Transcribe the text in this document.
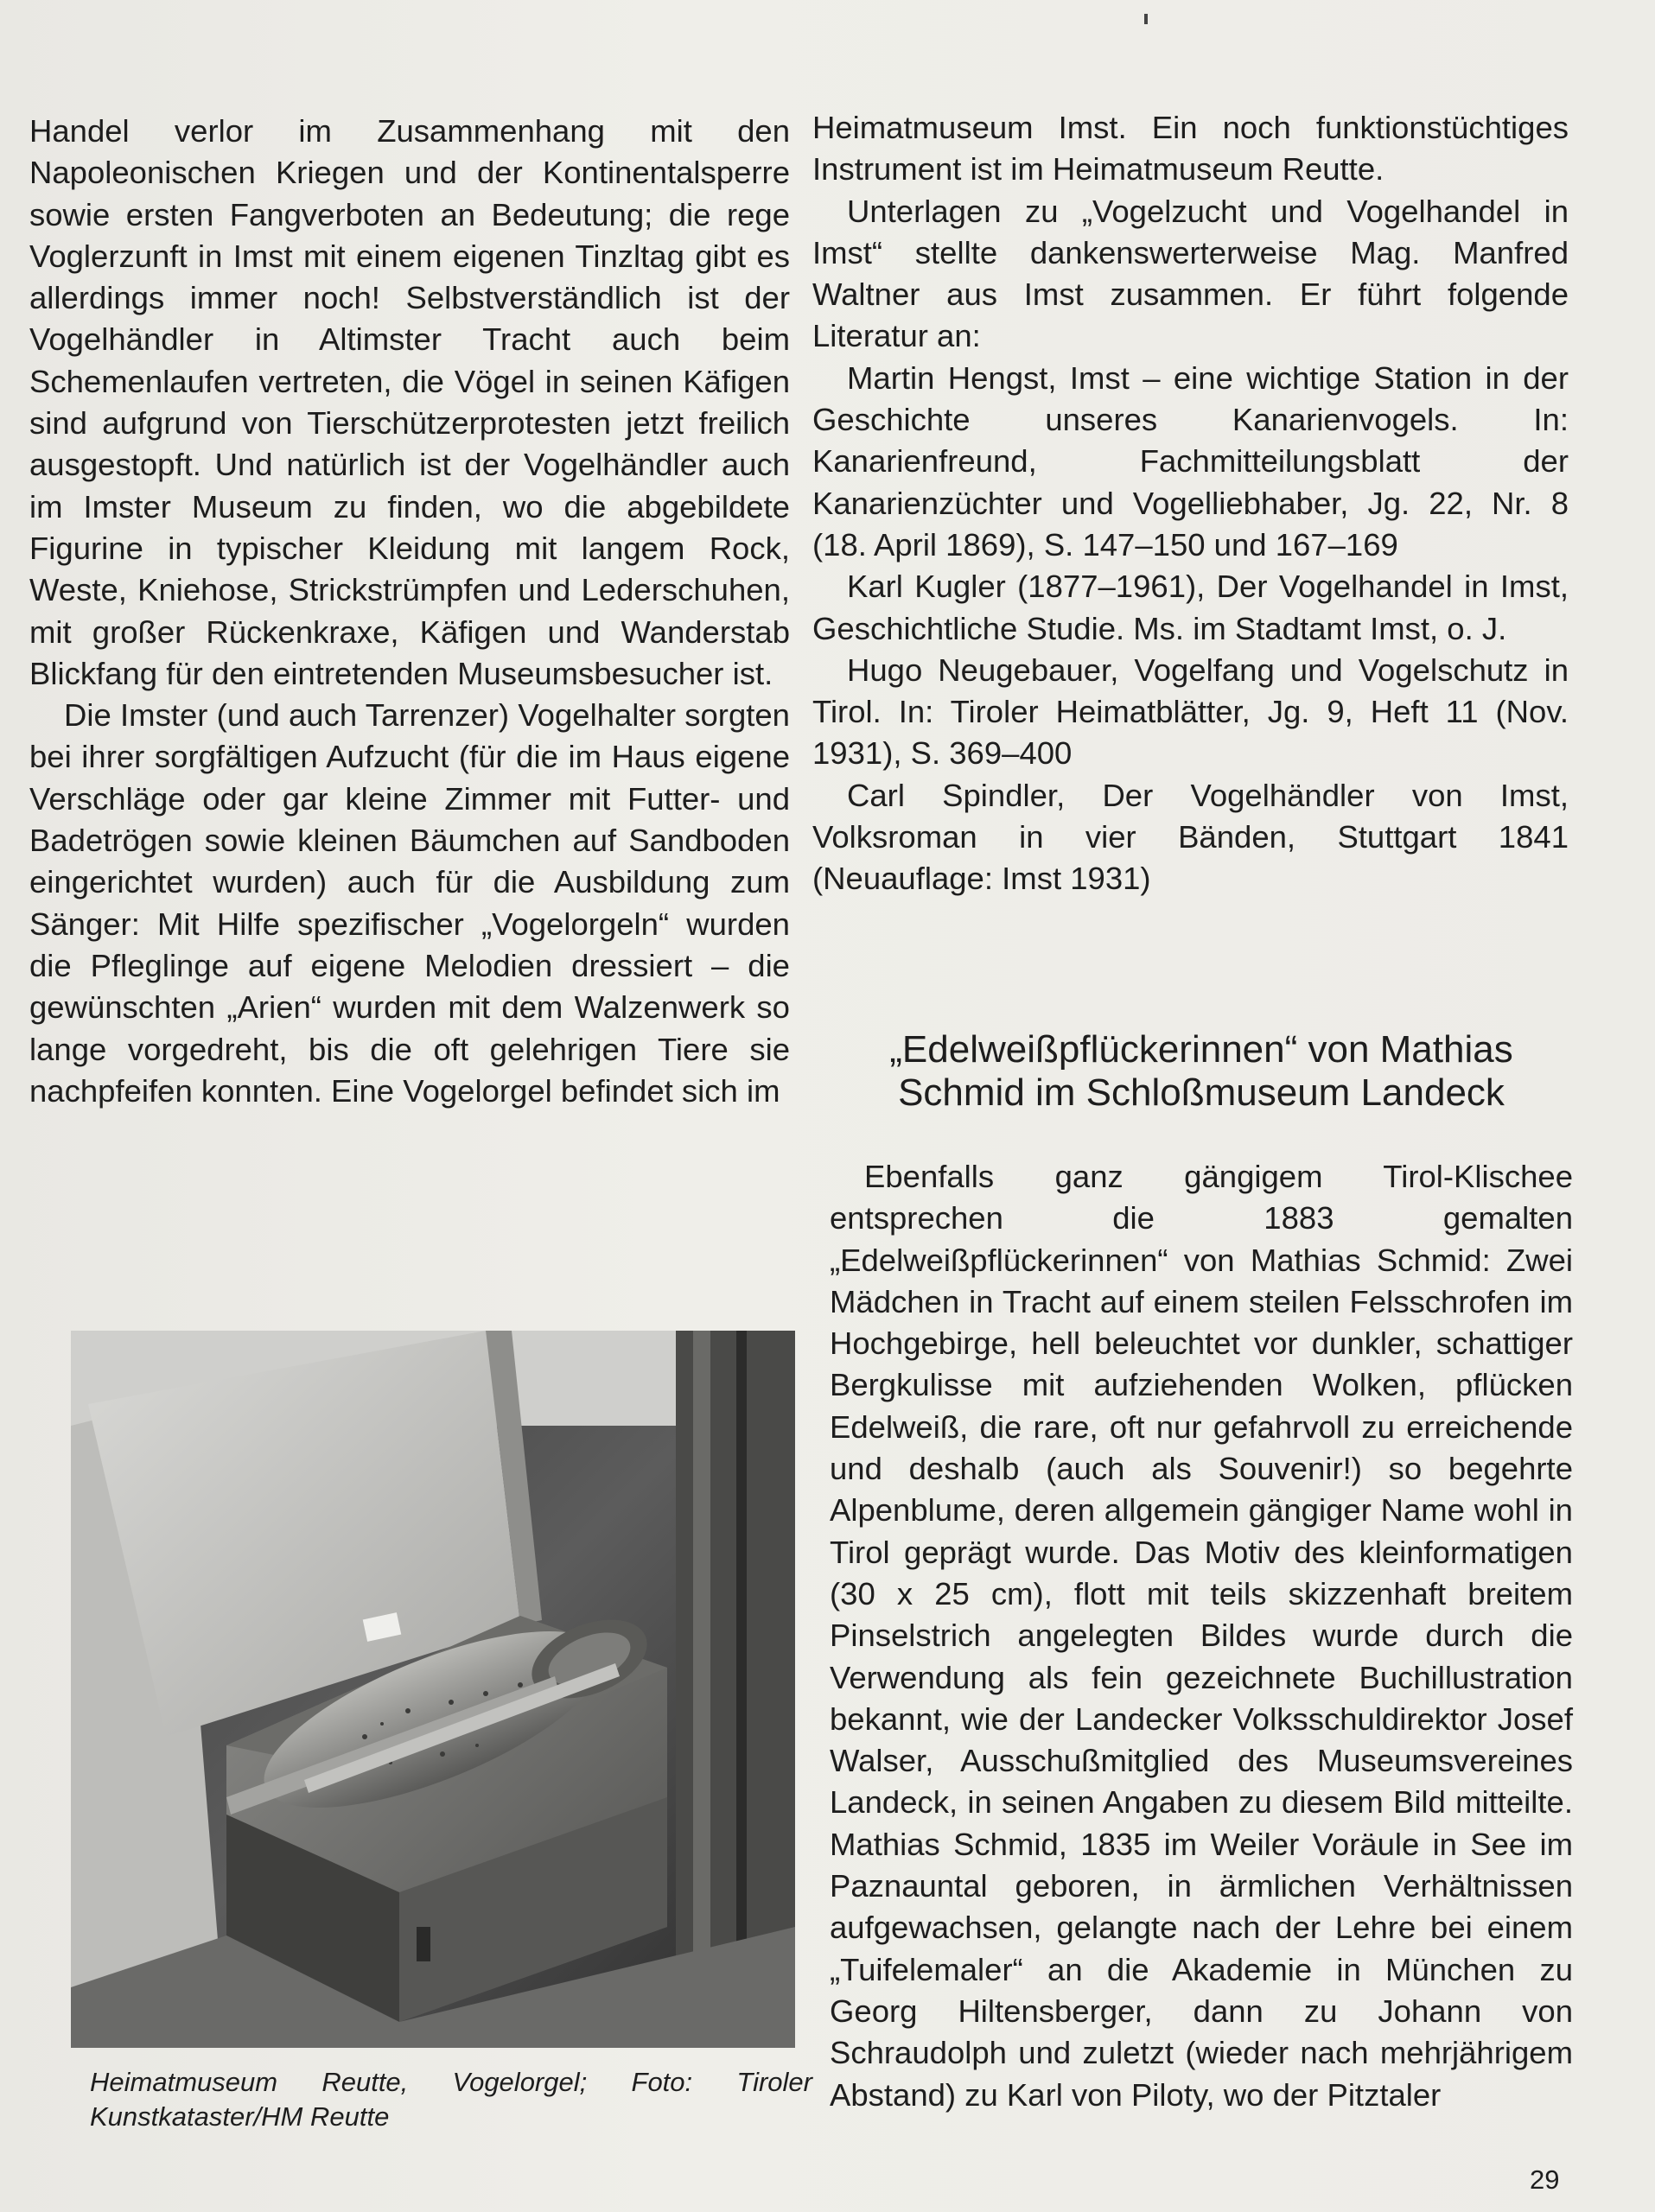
Handel verlor im Zusammenhang mit den Napoleonischen Kriegen und der Kontinentalsperre sowie ersten Fangverboten an Bedeutung; die rege Voglerzunft in Imst mit einem eigenen Tinzltag gibt es allerdings immer noch! Selbstverständlich ist der Vogelhändler in Altimster Tracht auch beim Schemenlaufen vertreten, die Vögel in seinen Käfigen sind aufgrund von Tierschützerprotesten jetzt freilich ausgestopft. Und natürlich ist der Vogelhändler auch im Imster Museum zu finden, wo die abgebildete Figurine in typischer Kleidung mit langem Rock, Weste, Kniehose, Strickstrümpfen und Lederschuhen, mit großer Rückenkraxe, Käfigen und Wanderstab Blickfang für den eintretenden Museumsbesucher ist.

Die Imster (und auch Tarrenzer) Vogelhalter sorgten bei ihrer sorgfältigen Aufzucht (für die im Haus eigene Verschläge oder gar kleine Zimmer mit Futter- und Badetrögen sowie kleinen Bäumchen auf Sandboden eingerichtet wurden) auch für die Ausbildung zum Sänger: Mit Hilfe spezifischer „Vogelorgeln“ wurden die Pfleglinge auf eigene Melodien dressiert – die gewünschten „Arien“ wurden mit dem Walzenwerk so lange vorgedreht, bis die oft gelehrigen Tiere sie nachpfeifen konnten. Eine Vogelorgel befindet sich im

Heimatmuseum Imst. Ein noch funktionstüchtiges Instrument ist im Heimatmuseum Reutte.

Unterlagen zu „Vogelzucht und Vogelhandel in Imst“ stellte dankenswerterweise Mag. Manfred Waltner aus Imst zusammen. Er führt folgende Literatur an:

Martin Hengst, Imst – eine wichtige Station in der Geschichte unseres Kanarienvogels. In: Kanarienfreund, Fachmitteilungsblatt der Kanarienzüchter und Vogelliebhaber, Jg. 22, Nr. 8 (18. April 1869), S. 147–150 und 167–169

Karl Kugler (1877–1961), Der Vogelhandel in Imst, Geschichtliche Studie. Ms. im Stadtamt Imst, o. J.

Hugo Neugebauer, Vogelfang und Vogelschutz in Tirol. In: Tiroler Heimatblätter, Jg. 9, Heft 11 (Nov. 1931), S. 369–400

Carl Spindler, Der Vogelhändler von Imst, Volksroman in vier Bänden, Stuttgart 1841 (Neuauflage: Imst 1931)

„Edelweißpflückerinnen“ von Mathias
Schmid im Schloßmuseum Landeck

Ebenfalls ganz gängigem Tirol-Klischee entsprechen die 1883 gemalten „Edelweißpflückerinnen“ von Mathias Schmid: Zwei Mädchen in Tracht auf einem steilen Felsschrofen im Hochgebirge, hell beleuchtet vor dunkler, schattiger Bergkulisse mit aufziehenden Wolken, pflücken Edelweiß, die rare, oft nur gefahrvoll zu erreichende und deshalb (auch als Souvenir!) so begehrte Alpenblume, deren allgemein gängiger Name wohl in Tirol geprägt wurde. Das Motiv des kleinformatigen (30 x 25 cm), flott mit teils skizzenhaft breitem Pinselstrich angelegten Bildes wurde durch die Verwendung als fein gezeichnete Buchillustration bekannt, wie der Landecker Volksschuldirektor Josef Walser, Ausschußmitglied des Museumsvereines Landeck, in seinen Angaben zu diesem Bild mitteilte. Mathias Schmid, 1835 im Weiler Voräule in See im Paznauntal geboren, in ärmlichen Verhältnissen aufgewachsen, gelangte nach der Lehre bei einem „Tuifelemaler“ an die Akademie in München zu Georg Hiltensberger, dann zu Johann von Schraudolph und zuletzt (wieder nach mehrjährigem Abstand) zu Karl von Piloty, wo der Pitztaler

Heimatmuseum Reutte, Vogelorgel; Foto: Tiroler Kunstkataster/HM Reutte
29
